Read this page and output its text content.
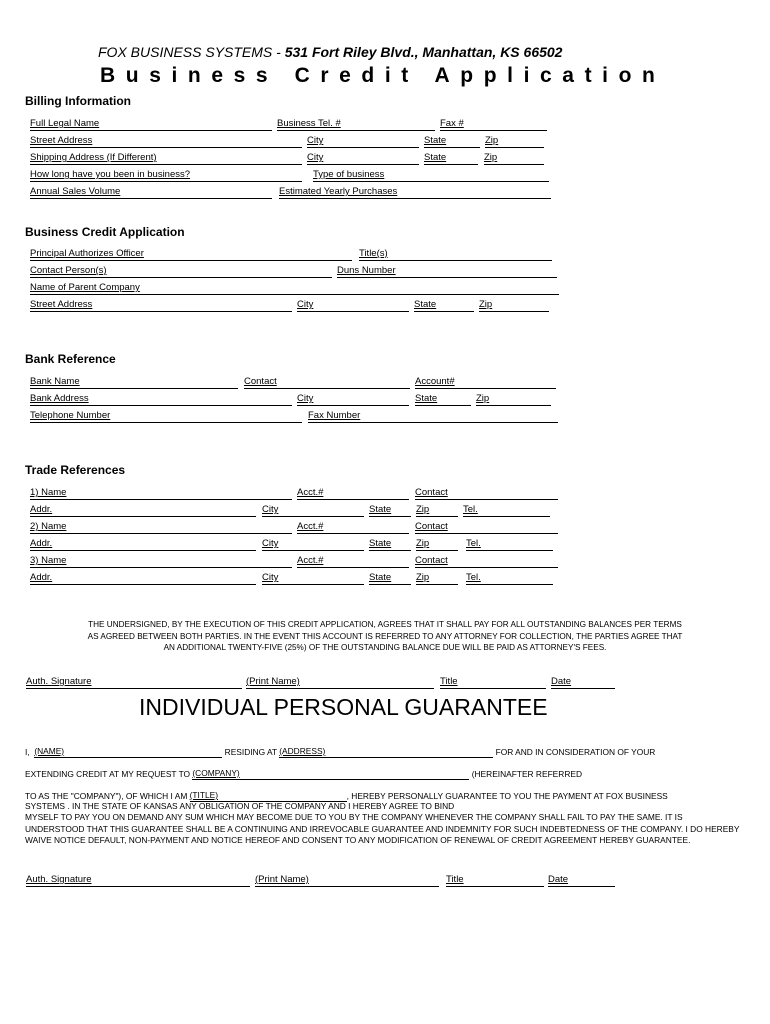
FOX BUSINESS SYSTEMS - 531 Fort Riley Blvd., Manhattan, KS 66502
Business Credit Application
Billing Information
Full Legal Name	Business Tel. #	Fax #
Street Address	City	State	Zip
Shipping Address (If Different)	City	State	Zip
How long have you been in business?	Type of business
Annual Sales Volume	Estimated Yearly Purchases
Business Credit Application
Principal Authorizes Officer	Title(s)
Contact Person(s)	Duns Number
Name of Parent Company
Street Address	City	State	Zip
Bank Reference
Bank Name	Contact	Account#
Bank Address	City	State	Zip
Telephone Number	Fax Number
Trade References
1) Name	Acct.#	Contact
Addr.	City	State	Zip	Tel.
2) Name	Acct.#	Contact
Addr.	City	State	Zip	Tel.
3) Name	Acct.#	Contact
Addr.	City	State	Zip	Tel.
THE UNDERSIGNED, BY THE EXECUTION OF THIS CREDIT APPLICATION, AGREES THAT IT SHALL PAY FOR ALL OUTSTANDING BALANCES PER TERMS
AS AGREED BETWEEN BOTH PARTIES. IN THE EVENT THIS ACCOUNT IS REFERRED TO ANY ATTORNEY FOR COLLECTION, THE PARTIES AGREE THAT
AN ADDITIONAL TWENTY-FIVE (25%) OF THE OUTSTANDING BALANCE DUE WILL BE PAID AS ATTORNEY'S FEES.
Auth. Signature	(Print Name)	Title	Date
INDIVIDUAL PERSONAL GUARANTEE
I, (NAME)	RESIDING AT (ADDRESS)	FOR AND IN CONSIDERATION OF YOUR
EXTENDING CREDIT AT MY REQUEST TO (COMPANY)	(HEREINAFTER REFERRED
TO AS THE "COMPANY"), OF WHICH I AM (TITLE)	, HEREBY PERSONALLY GUARANTEE TO YOU THE PAYMENT AT FOX BUSINESS
SYSTEMS . IN THE STATE OF KANSAS ANY OBLIGATION OF THE COMPANY AND I HEREBY AGREE TO BIND
MYSELF TO PAY YOU ON DEMAND ANY SUM WHICH MAY BECOME DUE TO YOU BY THE COMPANY WHENEVER THE COMPANY SHALL FAIL TO PAY THE SAME. IT IS
UNDERSTOOD THAT THIS GUARANTEE SHALL BE A CONTINUING AND IRREVOCABLE GUARANTEE AND INDEMNITY FOR SUCH INDEBTEDNESS OF THE COMPANY. I DO HEREBY
WAIVE NOTICE DEFAULT, NON-PAYMENT AND NOTICE HEREOF AND CONSENT TO ANY MODIFICATION OF RENEWAL OF CREDIT AGREEMENT HEREBY GUARANTEE.
Auth. Signature	(Print Name)	Title	Date
